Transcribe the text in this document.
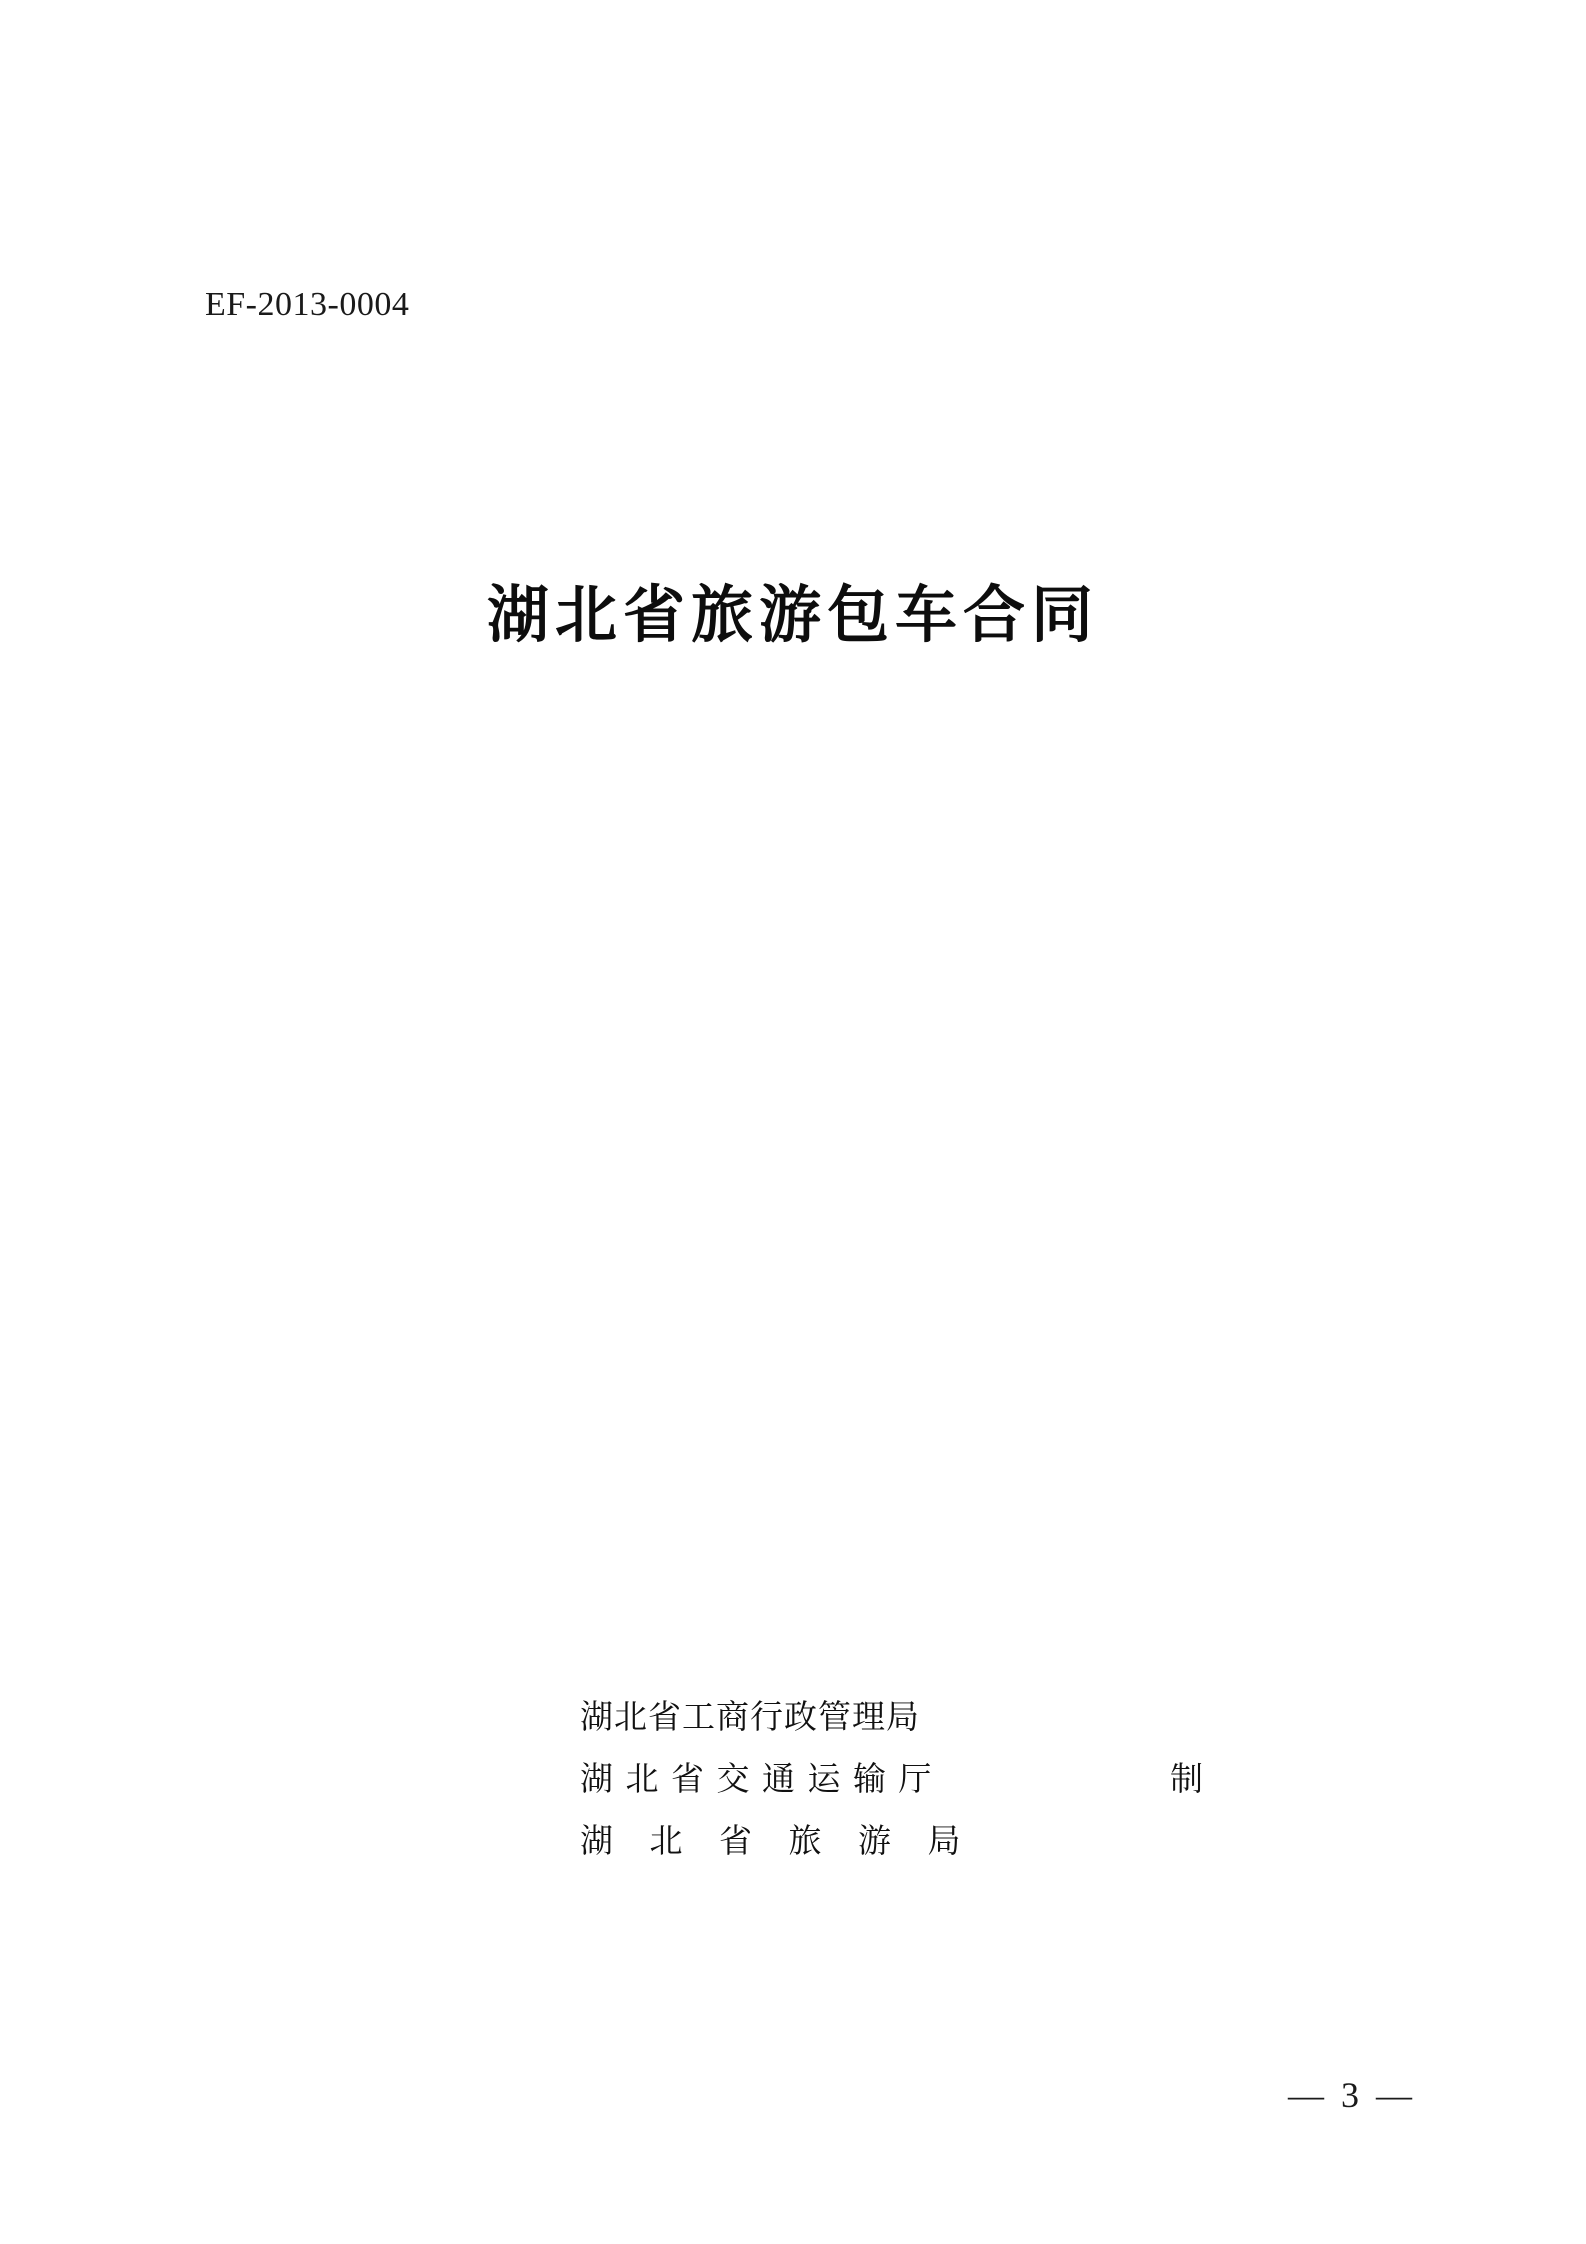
EF-2013-0004
湖北省旅游包车合同
湖北省工商行政管理局
湖 北 省 交 通 运 输 厅	制
湖 北 省 旅 游 局
— 3 —
